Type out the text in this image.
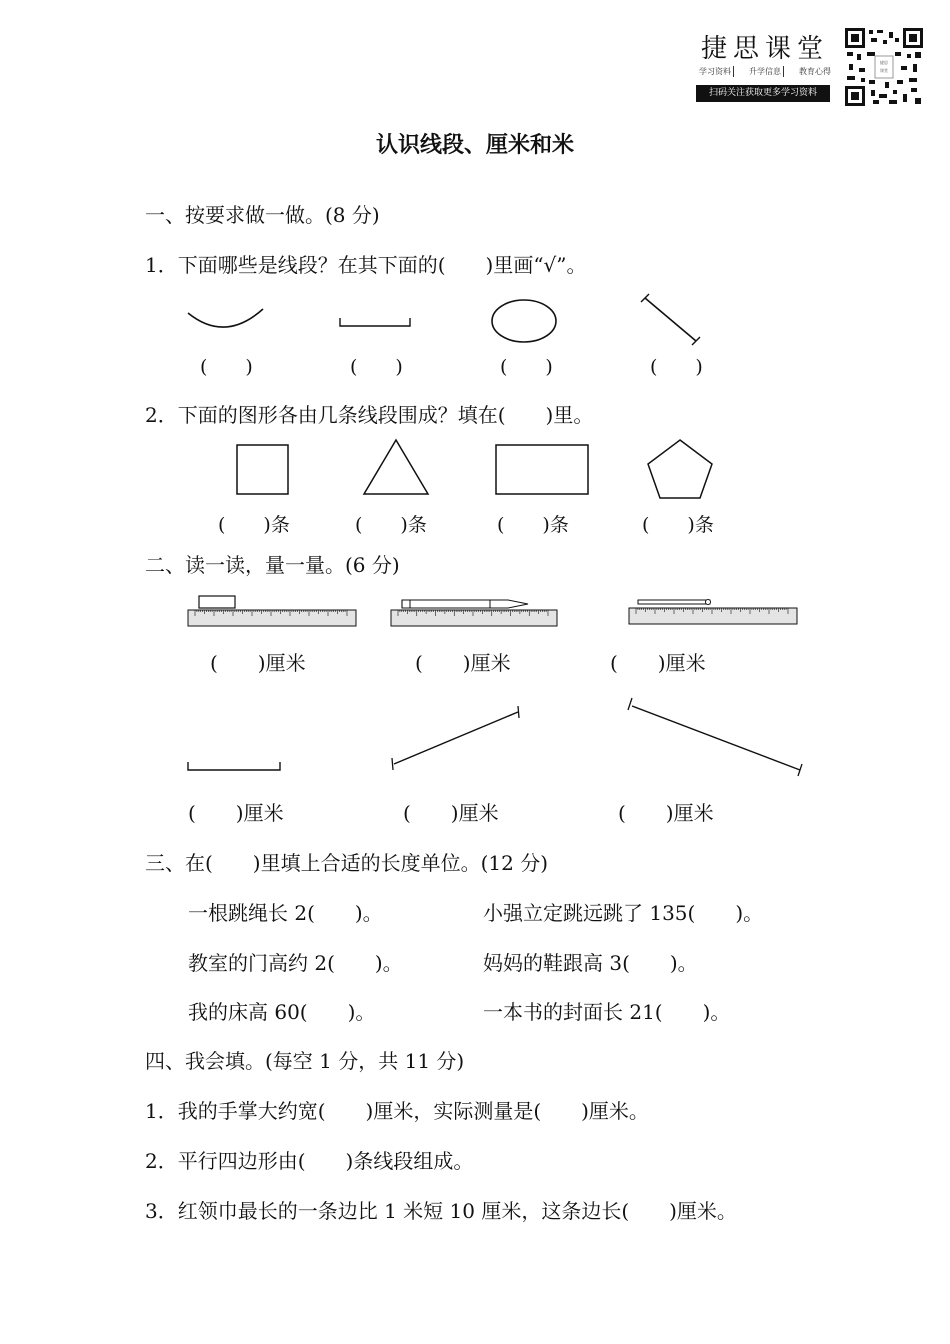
捷思课堂
学习资料	升学信息	教育心得
扫码关注获取更多学习资料
捷思
课堂
认识线段、厘米和米
一、按要求做一做。(8 分)
1．下面哪些是线段？在其下面的(　　)里画“√”。
(　　)	(　　)	(　　)	(　　)
2．下面的图形各由几条线段围成？填在(　　)里。
(　　)条	(　　)条	(　　)条	(　　)条
二、读一读，量一量。(6 分)
(　　)厘米	(　　)厘米	(　　)厘米
(　　)厘米	(　　)厘米	(　　)厘米
三、在(　　)里填上合适的长度单位。(12 分)
一根跳绳长 2(　　)。	小强立定跳远跳了 135(　　)。
教室的门高约 2(　　)。	妈妈的鞋跟高 3(　　)。
我的床高 60(　　)。	一本书的封面长 21(　　)。
四、我会填。(每空 1 分，共 11 分)
1．我的手掌大约宽(　　)厘米，实际测量是(　　)厘米。
2．平行四边形由(　　)条线段组成。
3．红领巾最长的一条边比 1 米短 10 厘米，这条边长(　　)厘米。
